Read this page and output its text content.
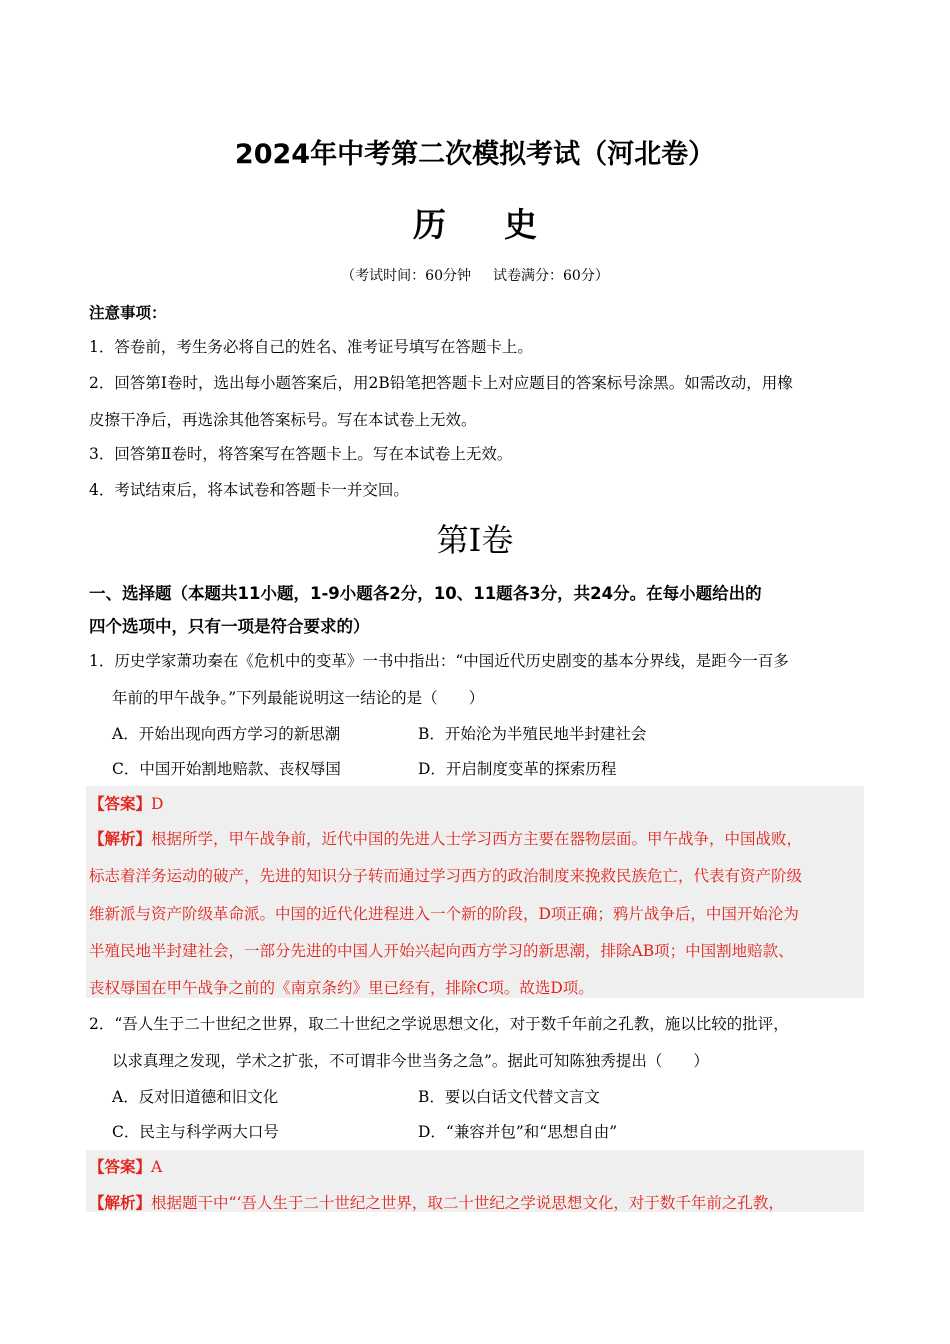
2024年中考第二次模拟考试（河北卷）
历 史
（考试时间：60分钟 试卷满分：60分）
注意事项：
1．答卷前，考生务必将自己的姓名、准考证号填写在答题卡上。
2．回答第Ⅰ卷时，选出每小题答案后，用2B铅笔把答题卡上对应题目的答案标号涂黑。如需改动，用橡
皮擦干净后，再选涂其他答案标号。写在本试卷上无效。
3．回答第Ⅱ卷时，将答案写在答题卡上。写在本试卷上无效。
4．考试结束后，将本试卷和答题卡一并交回。
第Ⅰ卷
一、选择题（本题共11小题，1-9小题各2分，10、11题各3分，共24分。在每小题给出的
四个选项中，只有一项是符合要求的）
1．历史学家萧功秦在《危机中的变革》一书中指出：“中国近代历史剧变的基本分界线，是距今一百多
年前的甲午战争。”下列最能说明这一结论的是（　　）
A．开始出现向西方学习的新思潮	B．开始沦为半殖民地半封建社会
C．中国开始割地赔款、丧权辱国	D．开启制度变革的探索历程
【答案】D
【解析】根据所学，甲午战争前，近代中国的先进人士学习西方主要在器物层面。甲午战争，中国战败，
标志着洋务运动的破产，先进的知识分子转而通过学习西方的政治制度来挽救民族危亡，代表有资产阶级
维新派与资产阶级革命派。中国的近代化进程进入一个新的阶段，D项正确；鸦片战争后，中国开始沦为
半殖民地半封建社会，一部分先进的中国人开始兴起向西方学习的新思潮，排除AB项；中国割地赔款、
丧权辱国在甲午战争之前的《南京条约》里已经有，排除C项。故选D项。
2．“吾人生于二十世纪之世界，取二十世纪之学说思想文化，对于数千年前之孔教，施以比较的批评，
以求真理之发现，学术之扩张，不可谓非今世当务之急”。据此可知陈独秀提出（　　）
A．反对旧道德和旧文化	B．要以白话文代替文言文
C．民主与科学两大口号	D．“兼容并包”和“思想自由”
【答案】A
【解析】根据题干中“‘吾人生于二十世纪之世界，取二十世纪之学说思想文化，对于数千年前之孔教，
